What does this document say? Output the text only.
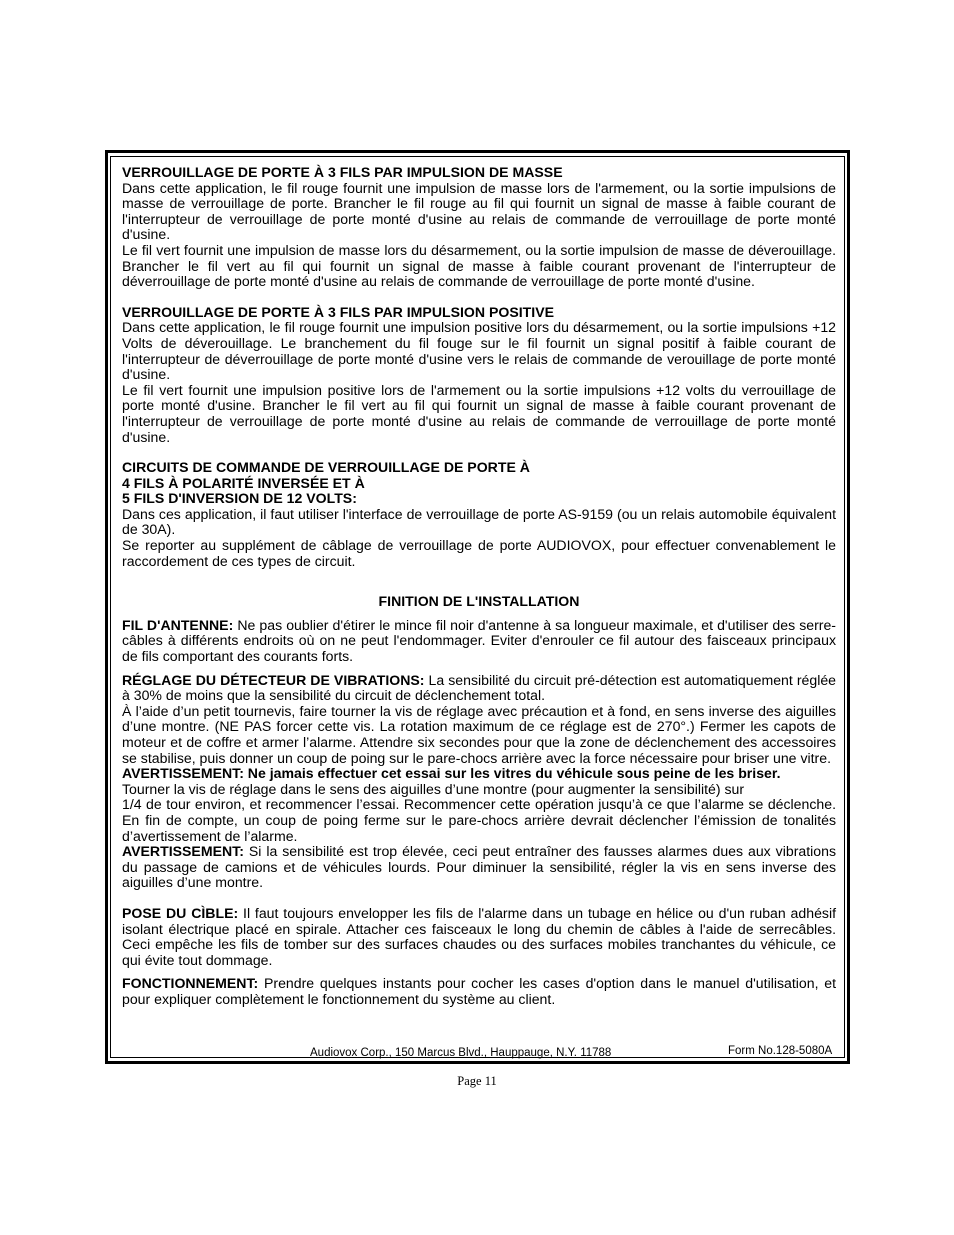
VERROUILLAGE DE PORTE À 3 FILS PAR IMPULSION DE MASSE

Dans cette application, le fil rouge fournit une impulsion de masse lors de l'armement, ou la sortie impulsions de masse de verrouillage de porte. Brancher le fil rouge au fil qui fournit un signal de masse à faible courant de l'interrupteur de verrouillage de porte monté d'usine au relais de commande de verrouillage de porte monté d'usine.

Le fil vert fournit une impulsion de masse lors du désarmement, ou la sortie impulsion de masse de déverouillage. Brancher le fil vert au fil qui fournit un signal de masse à faible courant provenant de l'interrupteur de déverrouillage de porte monté d'usine au relais de commande de verrouillage de porte monté d'usine.

VERROUILLAGE DE PORTE À 3 FILS PAR IMPULSION POSITIVE

Dans cette application, le fil rouge fournit une impulsion positive lors du désarmement, ou la sortie impulsions +12 Volts de déverouillage. Le branchement du fil fouge sur le fil fournit un signal positif à faible courant de l'interrupteur de déverrouillage de porte monté d'usine vers le relais de commande de verouillage de porte monté d'usine.

Le fil vert fournit une impulsion positive lors de l'armement ou la sortie impulsions +12 volts du verrouillage de porte monté d'usine. Brancher le fil vert au fil qui fournit un signal de masse à faible courant provenant de l'interrupteur de verrouillage de porte monté d'usine au relais de commande de verrouillage de porte monté d'usine.

CIRCUITS DE COMMANDE DE VERROUILLAGE DE PORTE À

4 FILS À POLARITÉ INVERSÉE ET À

5 FILS D'INVERSION DE 12 VOLTS:

Dans ces application, il faut utiliser l'interface de verrouillage de porte AS-9159 (ou un relais automobile équivalent de 30A).

Se reporter au supplément de câblage de verrouillage de porte AUDIOVOX, pour effectuer convenablement le raccordement de ces types de circuit.

FINITION DE L'INSTALLATION

FIL D'ANTENNE: Ne pas oublier d'étirer le mince fil noir d'antenne à sa longueur maximale, et d'utiliser des serre-câbles à différents endroits où on ne peut l'endommager. Eviter d'enrouler ce fil autour des faisceaux principaux de fils comportant des courants forts.

RÉGLAGE DU DÉTECTEUR DE VIBRATIONS: La sensibilité du circuit pré-détection est automatiquement réglée à 30% de moins que la sensibilité du circuit de déclenchement total.

À l’aide d’un petit tournevis, faire tourner la vis de réglage avec précaution et à fond, en sens inverse des aiguilles d’une montre. (NE PAS forcer cette vis. La rotation maximum de ce réglage est de 270°.) Fermer les capots de moteur et de coffre et armer l’alarme. Attendre six secondes pour que la zone de déclenchement des accessoires se stabilise, puis donner un coup de poing sur le pare-chocs arrière avec la force nécessaire pour briser une vitre.

AVERTISSEMENT: Ne jamais effectuer cet essai sur les vitres du véhicule sous peine de les briser.

Tourner la vis de réglage dans le sens des aiguilles d’une montre (pour augmenter la sensibilité) sur

1/4 de tour environ, et recommencer l’essai. Recommencer cette opération jusqu’à ce que l’alarme se déclenche. En fin de compte, un coup de poing ferme sur le pare-chocs arrière devrait déclencher l’émission de tonalités d’avertissement de l’alarme.

AVERTISSEMENT: Si la sensibilité est trop élevée, ceci peut entraîner des fausses alarmes dues aux vibrations du passage de camions et de véhicules lourds. Pour diminuer la sensibilité, régler la vis en sens inverse des aiguilles d’une montre.

POSE DU CÌBLE: Il faut toujours envelopper les fils de l'alarme dans un tubage en hélice ou d'un ruban adhésif isolant électrique placé en spirale. Attacher ces faisceaux le long du chemin de câbles à l'aide de serrecâbles. Ceci empêche les fils de tomber sur des surfaces chaudes ou des surfaces mobiles tranchantes du véhicule, ce qui évite tout dommage.

FONCTIONNEMENT: Prendre quelques instants pour cocher les cases d'option dans le manuel d'utilisation, et pour expliquer complètement le fonctionnement du système au client.

Audiovox Corp., 150 Marcus Blvd., Hauppauge, N.Y. 11788	Form No.128-5080A
Page 11
